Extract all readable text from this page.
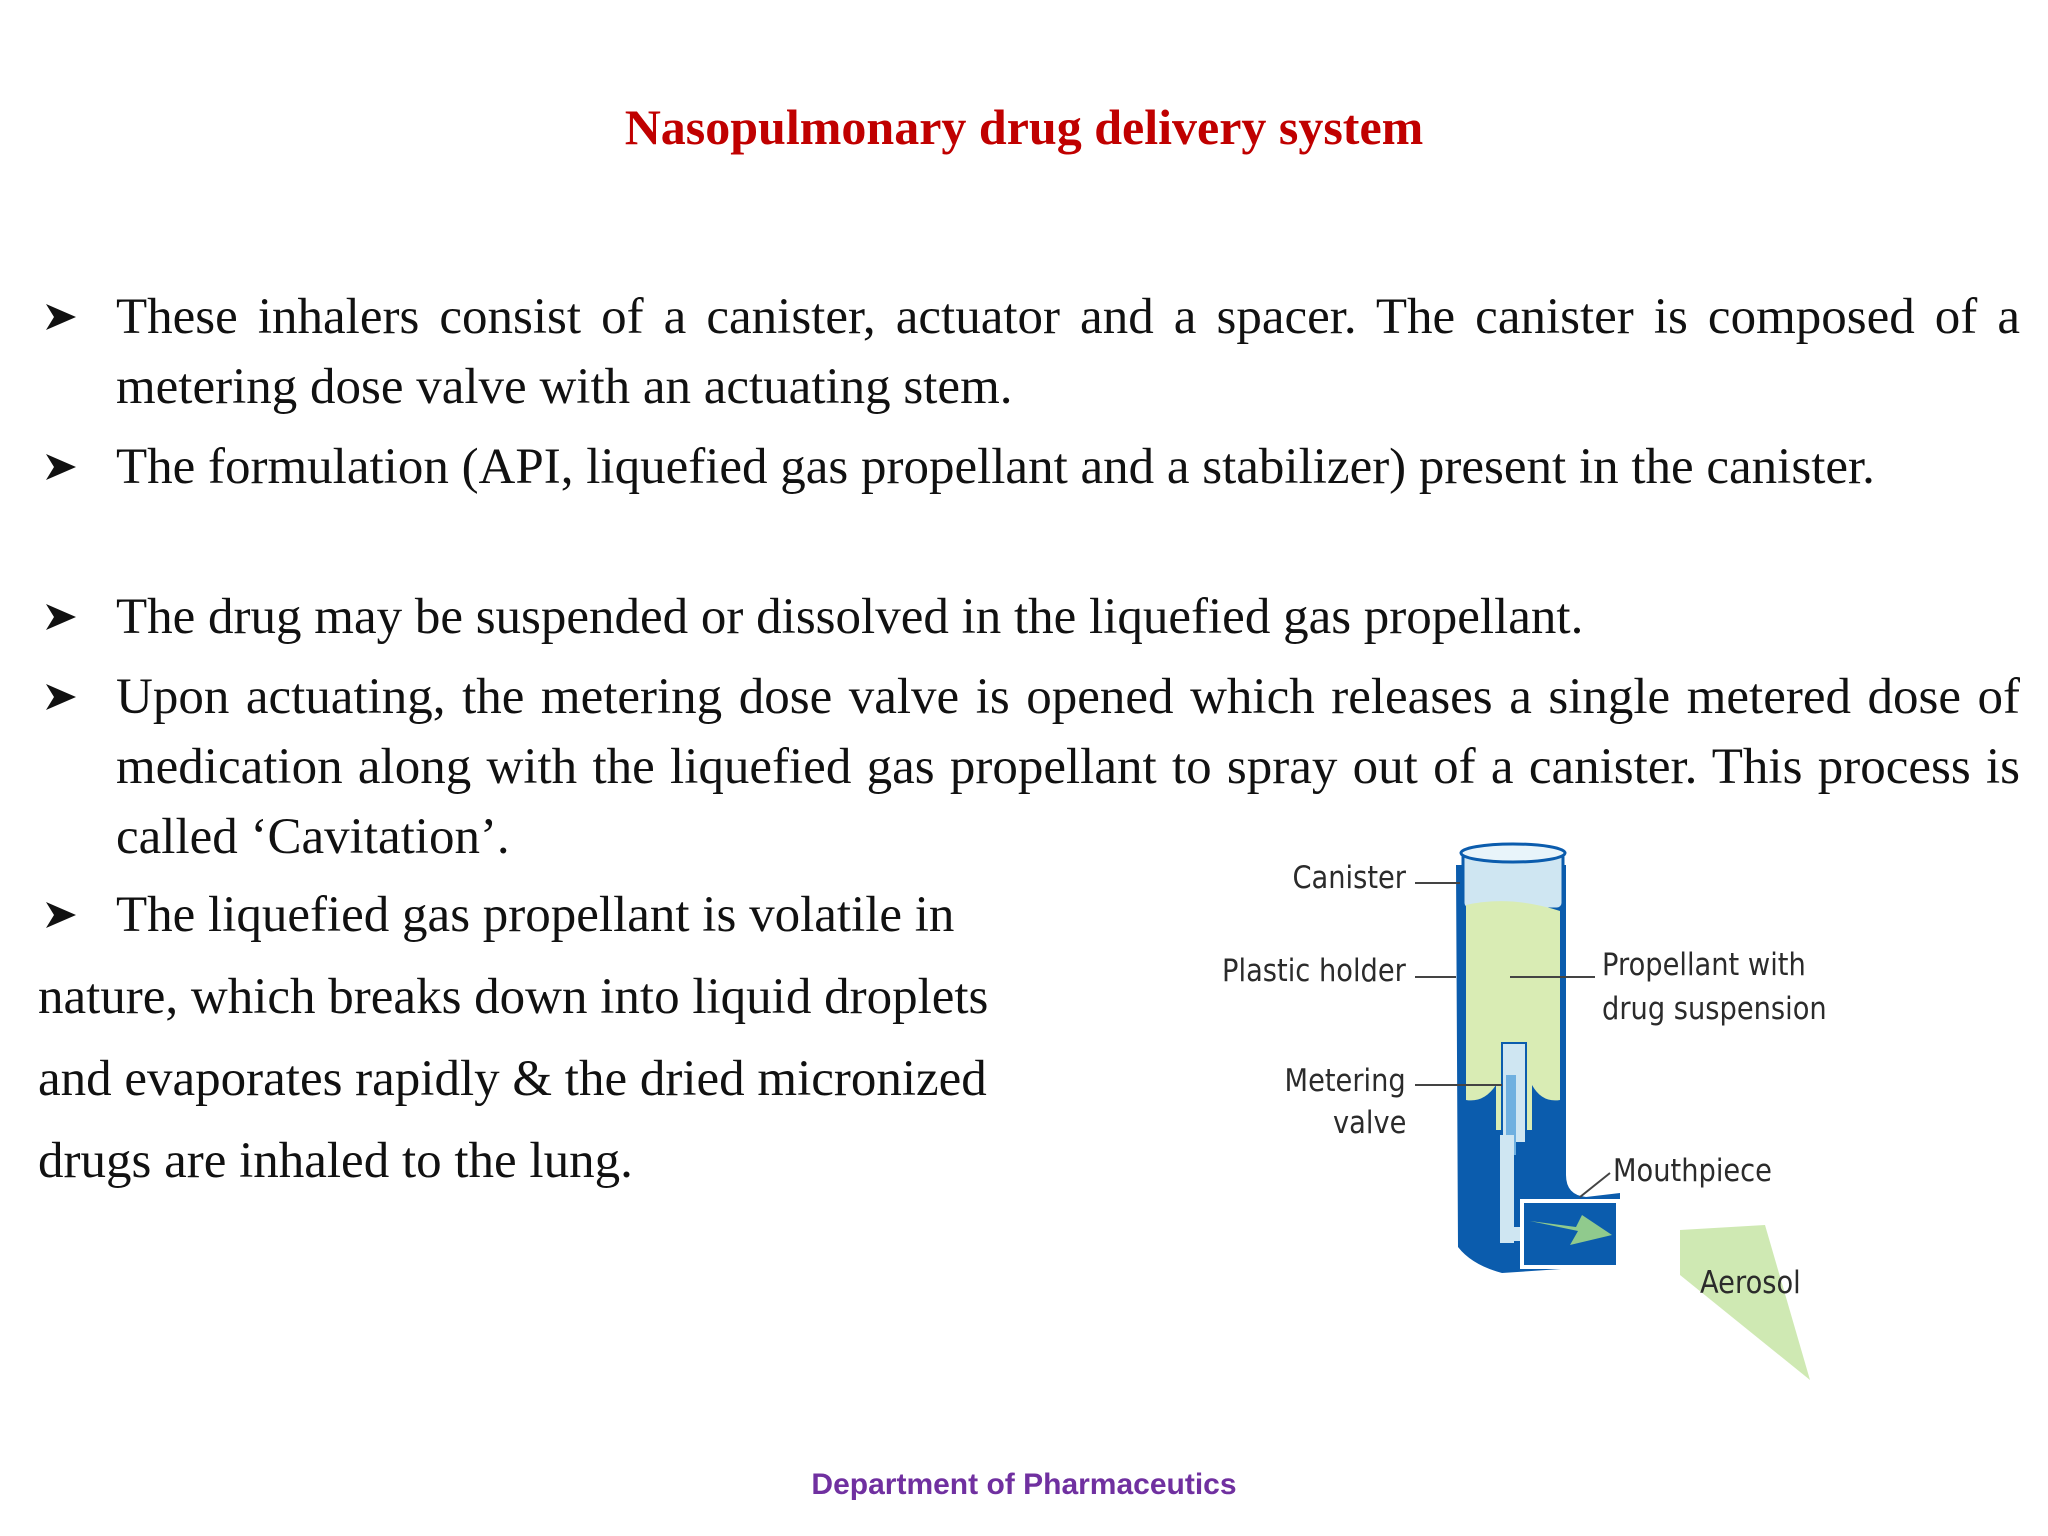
Nasopulmonary drug delivery system
These inhalers consist of a canister, actuator and a spacer. The canister is composed of a metering dose valve with an actuating stem.
The formulation (API, liquefied gas propellant and a stabilizer) present in the canister.
The drug may be suspended or dissolved in the liquefied gas propellant.
Upon actuating, the metering dose valve is opened which releases a single metered dose of medication along with the liquefied gas propellant to spray out of a canister. This process is called ‘Cavitation’.
The liquefied gas propellant is volatile in
nature, which breaks down into liquid droplets
and evaporates rapidly & the dried micronized
drugs are inhaled to the lung.
Canister
Plastic holder
Metering
valve
Propellant with
drug suspension
Mouthpiece
Aerosol
Department of Pharmaceutics
